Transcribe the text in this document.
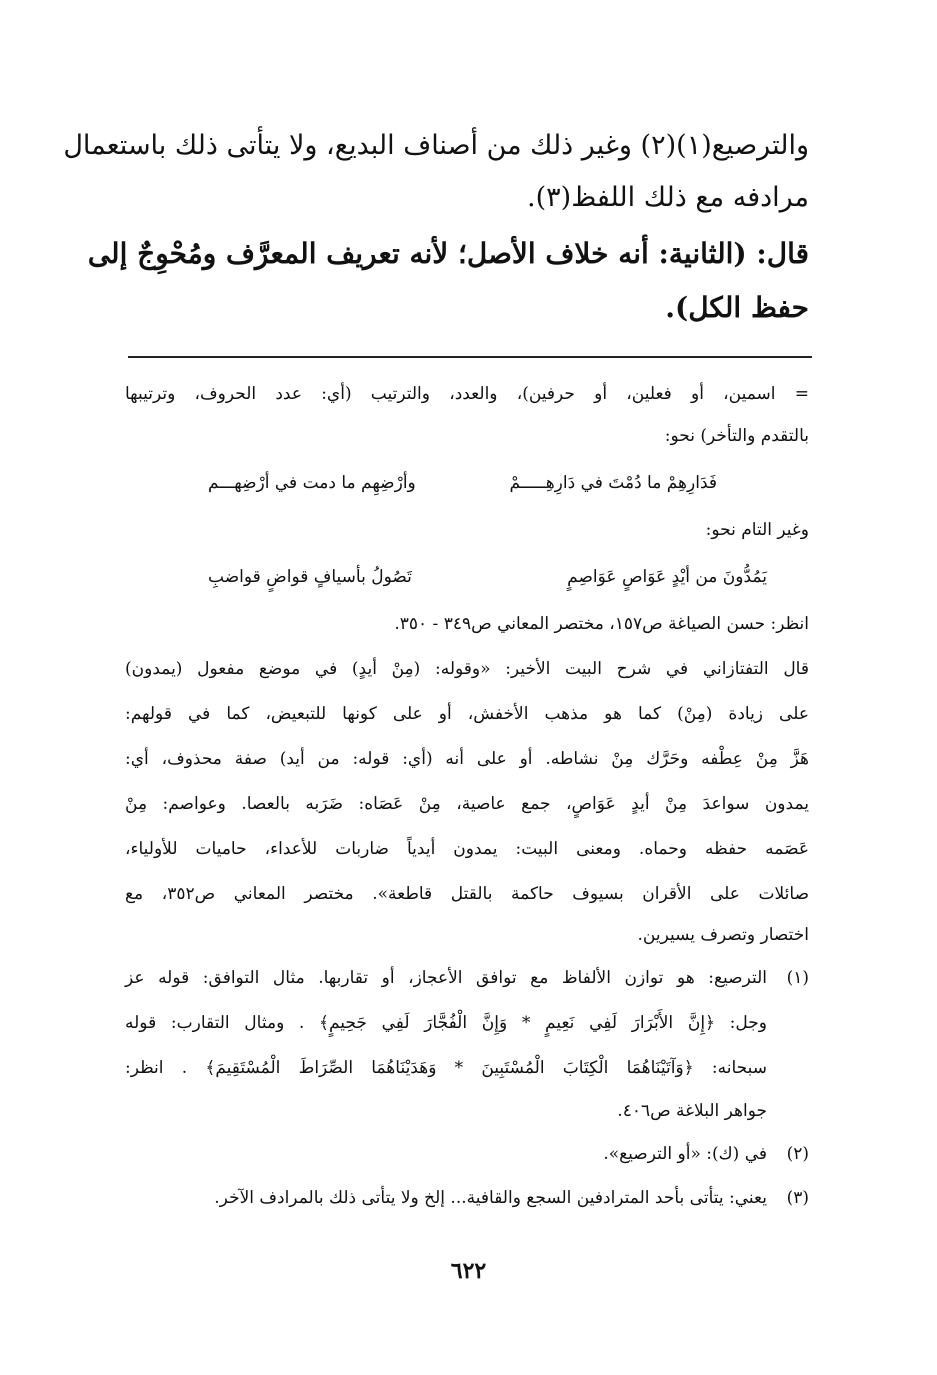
والترصيع(١)(٢) وغير ذلك من أصناف البديع، ولا يتأتى ذلك باستعمال
مرادفه مع ذلك اللفظ(٣).
قال: (الثانية: أنه خلاف الأصل؛ لأنه تعريف المعرَّف ومُحْوِجٌ إلى
حفظ الكل).
= اسمين، أو فعلين، أو حرفين)، والعدد، والترتيب (أي: عدد الحروف، وترتيبها
بالتقدم والتأخر) نحو:
فَدَارِهِمْ ما دُمْتَ في دَارِهِـــــمْ
وأرْضِهِم ما دمت في أرْضِهـــم
وغير التام نحو:
يَمُدُّونَ من أيْدٍ عَوَاصٍ عَوَاصِمٍ
تَصُولُ بأسيافٍ قواضٍ قواضبِ
انظر: حسن الصياغة ص١٥٧، مختصر المعاني ص٣٤٩ - ٣٥٠.
قال التفتازاني في شرح البيت الأخير: «وقوله: (مِنْ أيدٍ) في موضع مفعول (يمدون)
على زيادة (مِنْ) كما هو مذهب الأخفش، أو على كونها للتبعيض، كما في قولهم:
هَزَّ مِنْ عِطْفه وحَرَّك مِنْ نشاطه. أو على أنه (أي: قوله: من أيد) صفة محذوف، أي:
يمدون سواعدَ مِنْ أيدٍ عَوَاصٍ، جمع عاصية، مِنْ عَصَاه: ضَرَبه بالعصا. وعواصم: مِنْ
عَصَمه حفظه وحماه. ومعنى البيت: يمدون أيدياً ضاربات للأعداء، حاميات للأولياء،
صائلات على الأقران بسيوف حاكمة بالقتل قاطعة». مختصر المعاني ص٣٥٢، مع
اختصار وتصرف يسيرين.
(١)
الترصيع: هو توازن الألفاظ مع توافق الأعجاز، أو تقاربها. مثال التوافق: قوله عز
وجل: ﴿إِنَّ الأَبْرَارَ لَفِي نَعِيمٍ * وَإِنَّ الْفُجَّارَ لَفِي جَحِيمٍ﴾ . ومثال التقارب: قوله
سبحانه: ﴿وَآتَيْنَاهُمَا الْكِتَابَ الْمُسْتَبِينَ * وَهَدَيْنَاهُمَا الصِّرَاطَ الْمُسْتَقِيمَ﴾ . انظر:
جواهر البلاغة ص٤٠٦.
(٢)
في (ك): «أو الترصيع».
(٣)
يعني: يتأتى بأحد المترادفين السجع والقافية... إلخ ولا يتأتى ذلك بالمرادف الآخر.
٦٢٢
